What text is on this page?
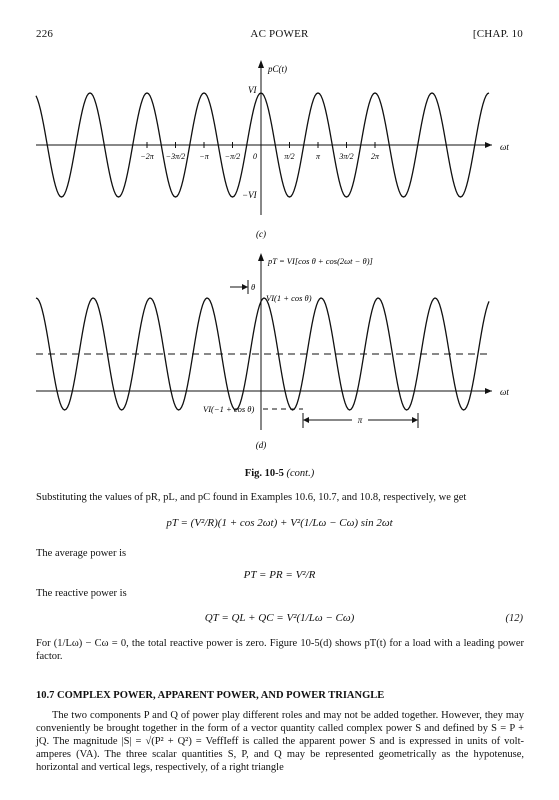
226	AC POWER	[CHAP. 10
−2π −3π/2 −π −π/2 0	π/2	π 3π/2 2π
pC(t)
ωt
VI
−VI
(c)
pT = VI[cos θ + cos(2ωt − θ)]
ωt
θ
VI(1 + cos θ)
VI(−1 + cos θ)
π
(d)
Fig. 10-5 (cont.)
Substituting the values of pR, pL, and pC found in Examples 10.6, 10.7, and 10.8, respectively, we get
pT = (V²/R)(1 + cos 2ωt) + V²(1/Lω − Cω) sin 2ωt
The average power is
PT = PR = V²/R
The reactive power is
QT = QL + QC = V²(1/Lω − Cω)	(12)
For (1/Lω) − Cω = 0, the total reactive power is zero. Figure 10-5(d) shows pT(t) for a load with a leading power factor.
10.7 COMPLEX POWER, APPARENT POWER, AND POWER TRIANGLE
The two components P and Q of power play different roles and may not be added together. However, they may conveniently be brought together in the form of a vector quantity called complex power S and defined by S = P + jQ. The magnitude |S| = √(P² + Q²) = VeffIeff is called the apparent power S and is expressed in units of volt-amperes (VA). The three scalar quantities S, P, and Q may be represented geometrically as the hypotenuse, horizontal and vertical legs, respectively, of a right triangle
